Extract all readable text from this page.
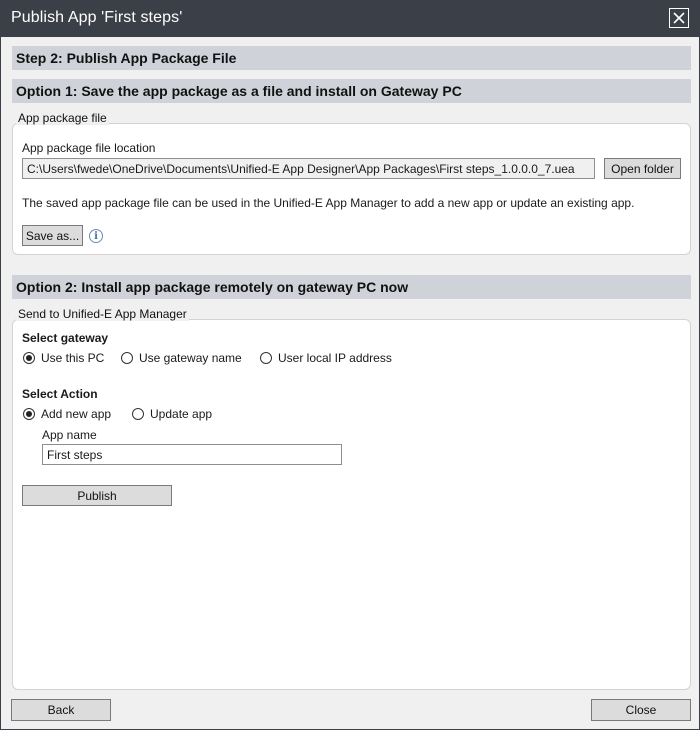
Publish App 'First steps'
Step 2: Publish App Package File
Option 1: Save the app package as a file and install on Gateway PC
App package file location
C:\Users\fwede\OneDrive\Documents\Unified-E App Designer\App Packages\First steps_1.0.0.0_7.uea	Open folder
The saved app package file can be used in the Unified-E App Manager to add a new app or update an existing app.
Save as...	i
App package file
Option 2: Install app package remotely on gateway PC now
Select gateway
Use this PC	Use gateway name	User local IP address
Select Action
Add new app	Update app
App name
First steps
Publish
Send to Unified-E App Manager
Back	Close
